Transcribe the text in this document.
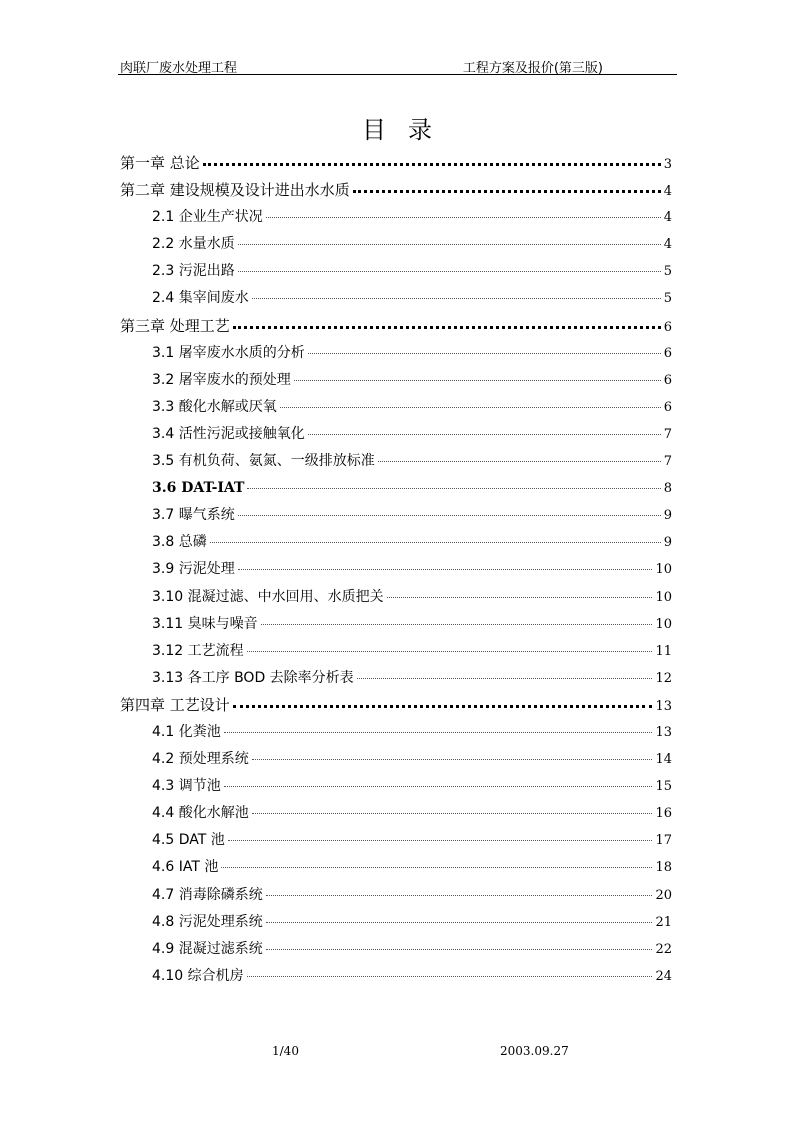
肉联厂废水处理工程	工程方案及报价(第三版)
目录
第一章 总论	3
第二章 建设规模及设计进出水水质	4
2.1 企业生产状况	4
2.2 水量水质	4
2.3 污泥出路	5
2.4 集宰间废水	5
第三章 处理工艺	6
3.1 屠宰废水水质的分析	6
3.2 屠宰废水的预处理	6
3.3 酸化水解或厌氧	6
3.4 活性污泥或接触氧化	7
3.5 有机负荷、氨氮、一级排放标准	7
3.6 DAT-IAT	8
3.7 曝气系统	9
3.8 总磷	9
3.9 污泥处理	10
3.10 混凝过滤、中水回用、水质把关	10
3.11 臭味与噪音	10
3.12 工艺流程	11
3.13 各工序 BOD 去除率分析表	12
第四章 工艺设计	13
4.1 化粪池	13
4.2 预处理系统	14
4.3 调节池	15
4.4 酸化水解池	16
4.5 DAT 池	17
4.6 IAT 池	18
4.7 消毒除磷系统	20
4.8 污泥处理系统	21
4.9 混凝过滤系统	22
4.10 综合机房	24
1/40	2003.09.27
